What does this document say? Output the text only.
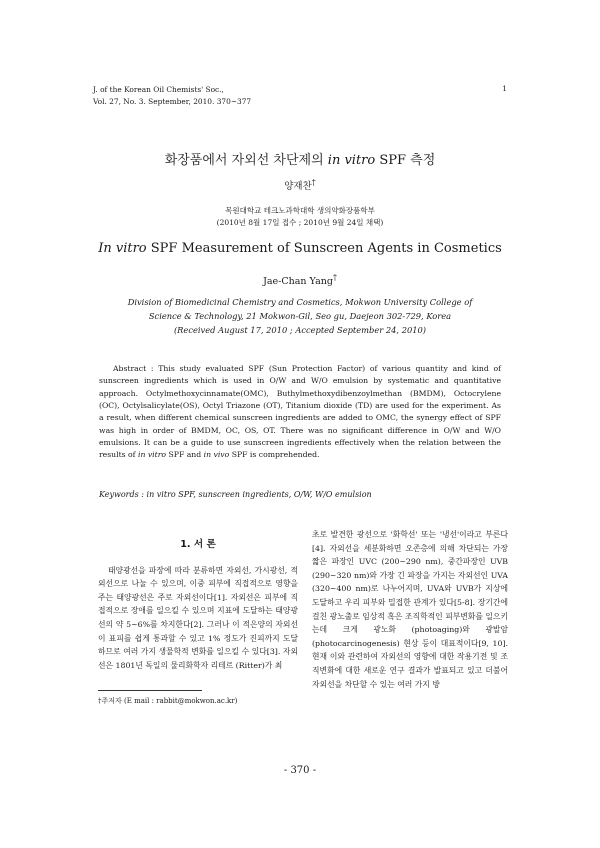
J. of the Korean Oil Chemists' Soc.,
Vol. 27, No. 3. September, 2010. 370~377
1
화장품에서 자외선 차단제의 in vitro SPF 측정
양재찬†
목원대학교 테크노과학대학 생의약화장품학부
(2010년 8월 17일 접수 ; 2010년 9월 24일 채택)
In vitro SPF Measurement of Sunscreen Agents in Cosmetics
Jae-Chan Yang†
Division of Biomedicinal Chemistry and Cosmetics, Mokwon University College of
Science & Technology, 21 Mokwon-Gil, Seo gu, Daejeon 302-729, Korea
(Received August 17, 2010 ; Accepted September 24, 2010)
Abstract : This study evaluated SPF (Sun Protection Factor) of various quantity and kind of sunscreen ingredients which is used in O/W and W/O emulsion by systematic and quantitative approach. Octylmethoxycinnamate(OMC), Buthylmethoxydibenzoylmethan (BMDM), Octocrylene (OC), Octylsalicylate(OS), Octyl Triazone (OT), Titanium dioxide (TD) are used for the experiment. As a result, when different chemical sunscreen ingredients are added to OMC, the synergy effect of SPF was high in order of BMDM, OC, OS, OT. There was no significant difference in O/W and W/O emulsions. It can be a guide to use sunscreen ingredients effectively when the relation between the results of in vitro SPF and in vivo SPF is comprehended.
Keywords : in vitro SPF, sunscreen ingredients, O/W, W/O emulsion
1. 서 론

태양광선을 파장에 따라 분류하면 자외선, 가시광선, 적외선으로 나눌 수 있으며, 이중 피부에 직접적으로 영향을 주는 태양광선은 주로 자외선이다[1]. 자외선은 피부에 직접적으로 장애를 일으킬 수 있으며 지표에 도달하는 태양광선의 약 5~6%를 차지한다[2]. 그러나 이 적은양의 자외선이 표피를 쉽게 통과할 수 있고 1% 정도가 진피까지 도달하므로 여러 가지 생물학적 변화를 일으킬 수 있다[3]. 자외선은 1801년 독일의 물리화학자 리테르 (Ritter)가 최

초로 발견한 광선으로 '화학선' 또는 '냉선'이라고 부른다[4]. 자외선을 세분화하면 오존층에 의해 차단되는 가장 짧은 파장인 UVC (200~290 nm), 중간파장인 UVB (290~320 nm)와 가장 긴 파장을 가지는 자외선인 UVA (320~400 nm)로 나누어지며, UVA와 UVB가 지상에 도달하고 우리 피부와 밀접한 관계가 있다[5-8]. 장기간에 걸친 광노출로 임상적 혹은 조직학적인 피부변화를 일으키는데 크게 광노화 (photoaging)와 광발암 (photocarcinogenesis) 현상 등이 대표적이다[9, 10]. 현재 이와 관련하여 자외선의 영향에 대한 작용기전 및 조직변화에 대한 새로운 연구 결과가 발표되고 있고 더불어 자외선을 차단할 수 있는 여러 가지 방

†주저자 (E mail : rabbit@mokwon.ac.kr)
- 370 -
